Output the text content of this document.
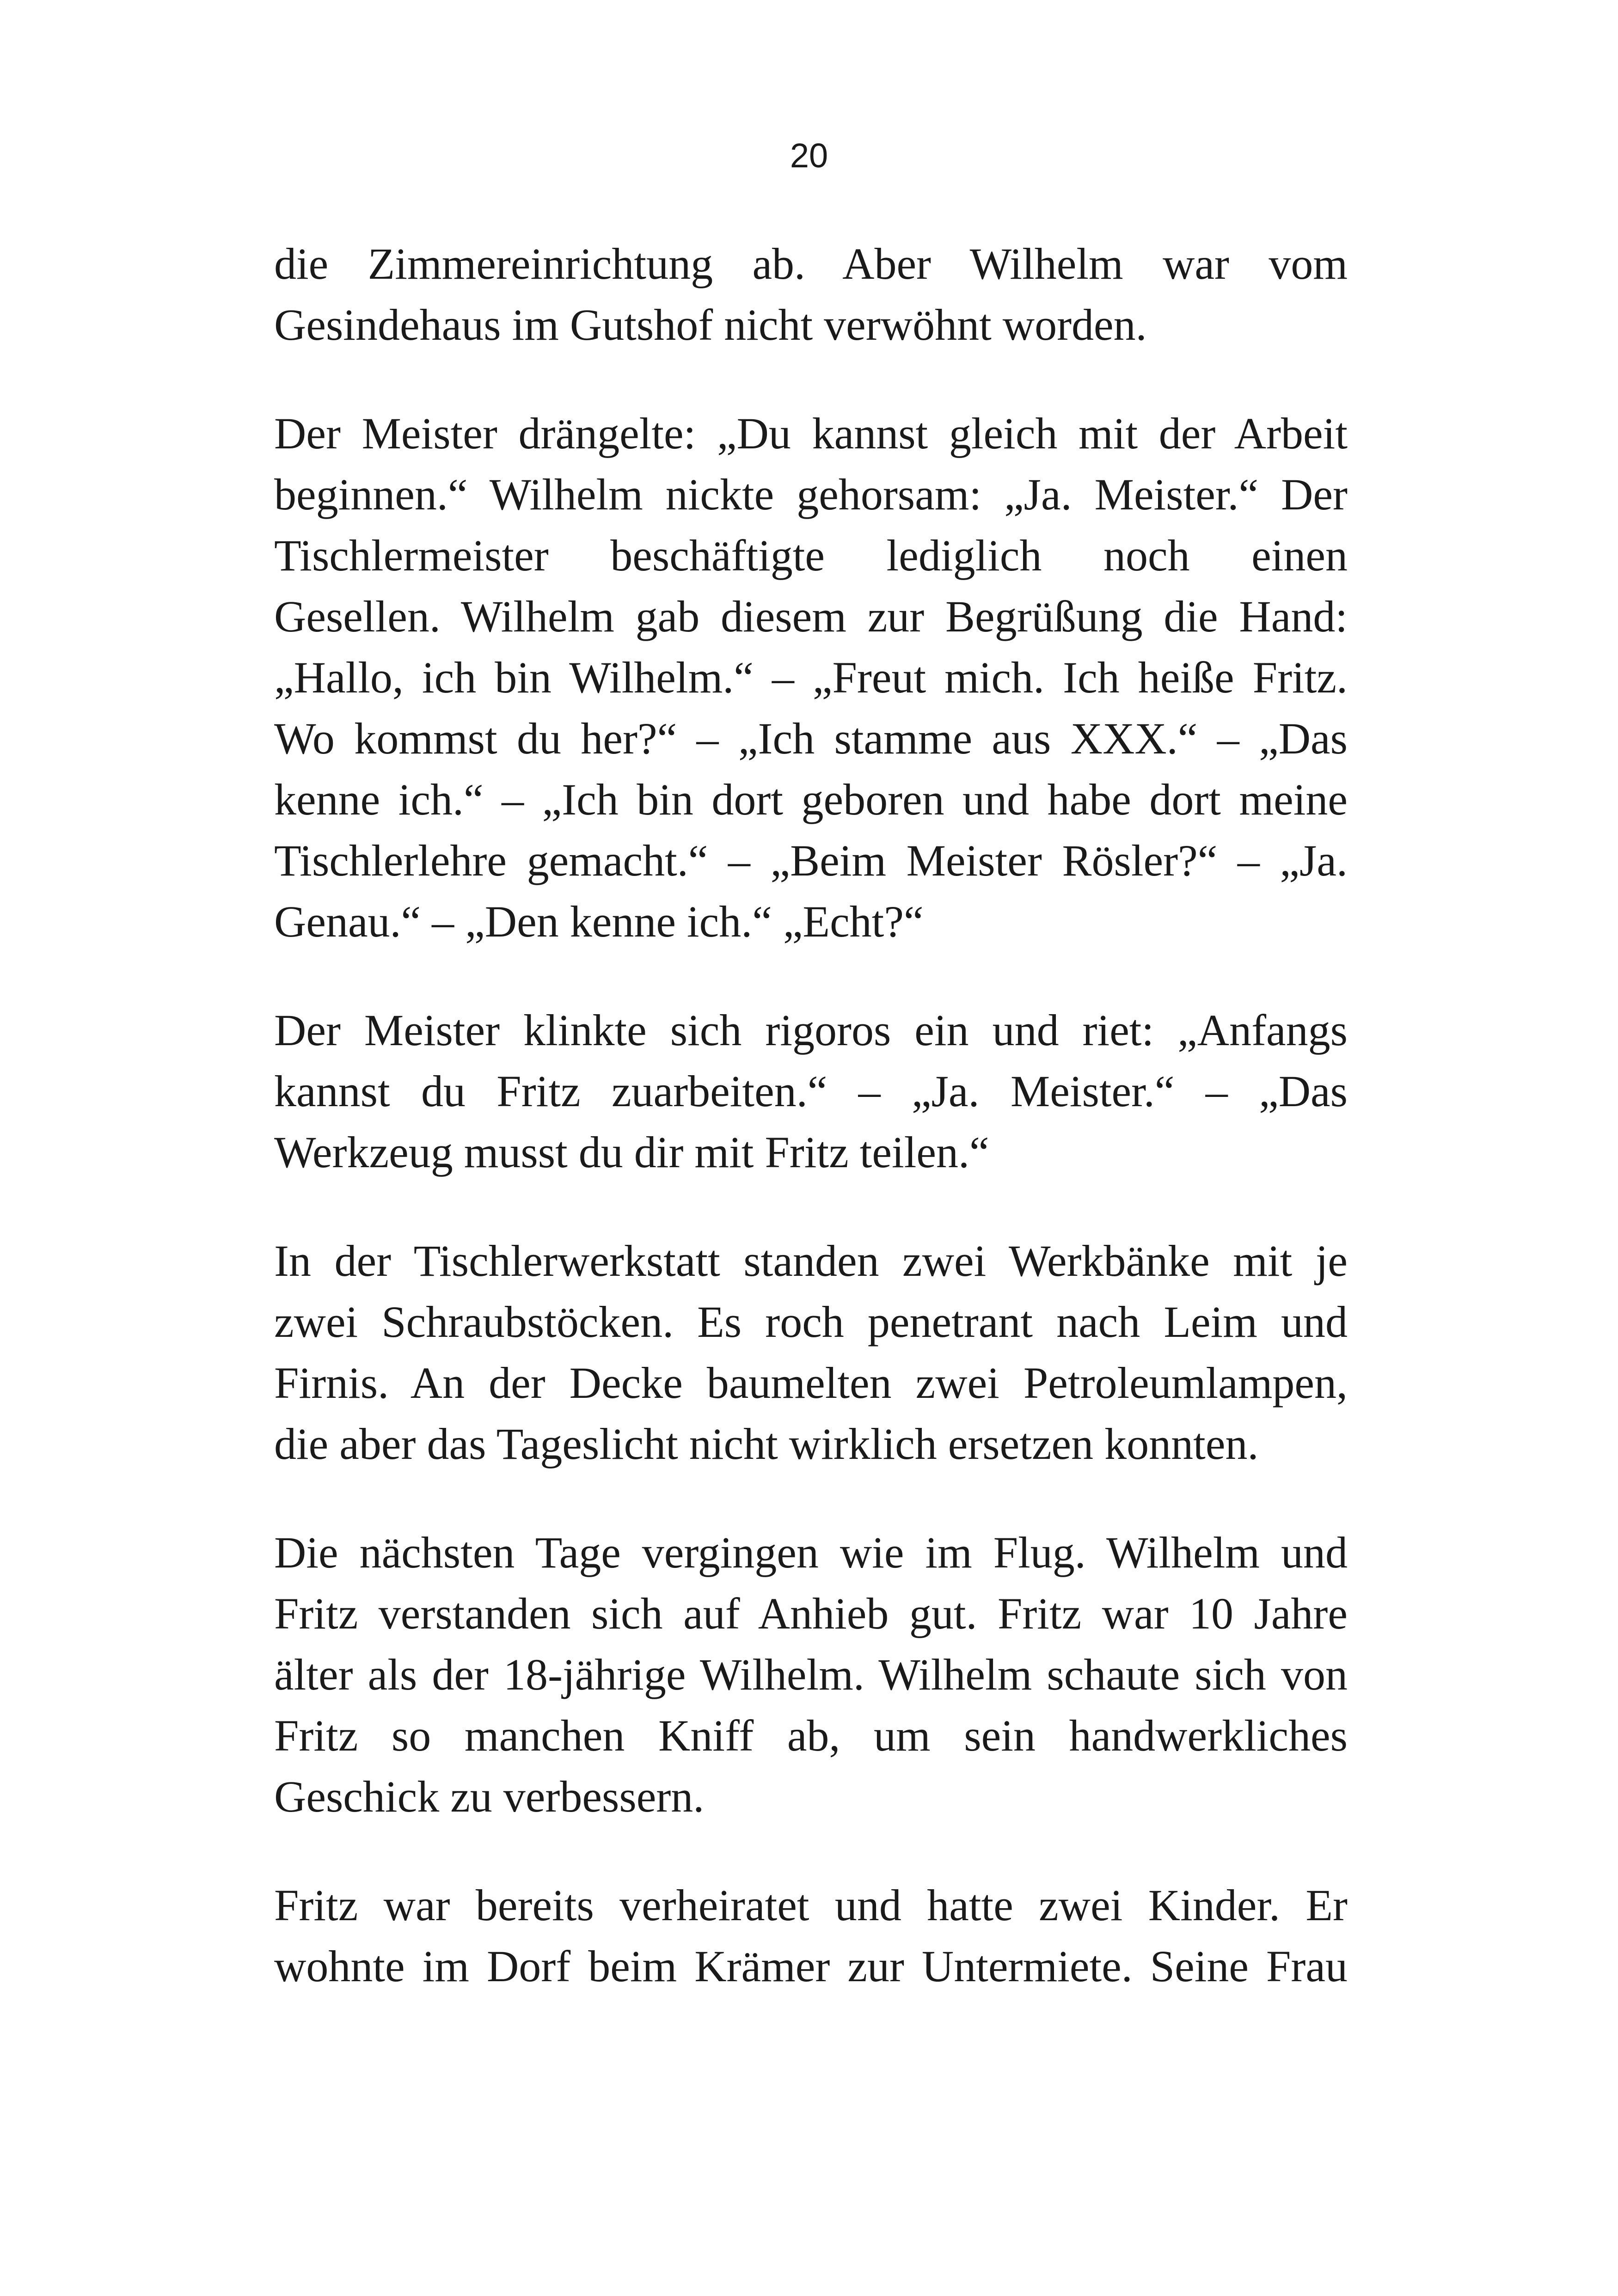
20

die Zimmereinrichtung ab. Aber Wilhelm war vom
Gesindehaus im Gutshof nicht verwöhnt worden.

Der Meister drängelte: „Du kannst gleich mit der Arbeit
beginnen.“ Wilhelm nickte gehorsam: „Ja. Meister.“ Der
Tischlermeister beschäftigte lediglich noch einen
Gesellen. Wilhelm gab diesem zur Begrüßung die Hand:
„Hallo, ich bin Wilhelm.“ – „Freut mich. Ich heiße Fritz.
Wo kommst du her?“ – „Ich stamme aus XXX.“ – „Das
kenne ich.“ – „Ich bin dort geboren und habe dort meine
Tischlerlehre gemacht.“ – „Beim Meister Rösler?“ – „Ja.
Genau.“ – „Den kenne ich.“ „Echt?“

Der Meister klinkte sich rigoros ein und riet: „Anfangs
kannst du Fritz zuarbeiten.“ – „Ja. Meister.“ – „Das
Werkzeug musst du dir mit Fritz teilen.“

In der Tischlerwerkstatt standen zwei Werkbänke mit je
zwei Schraubstöcken. Es roch penetrant nach Leim und
Firnis. An der Decke baumelten zwei Petroleumlampen,
die aber das Tageslicht nicht wirklich ersetzen konnten.

Die nächsten Tage vergingen wie im Flug. Wilhelm und
Fritz verstanden sich auf Anhieb gut. Fritz war 10 Jahre
älter als der 18-jährige Wilhelm. Wilhelm schaute sich von
Fritz so manchen Kniff ab, um sein handwerkliches
Geschick zu verbessern.

Fritz war bereits verheiratet und hatte zwei Kinder. Er
wohnte im Dorf beim Krämer zur Untermiete. Seine Frau
